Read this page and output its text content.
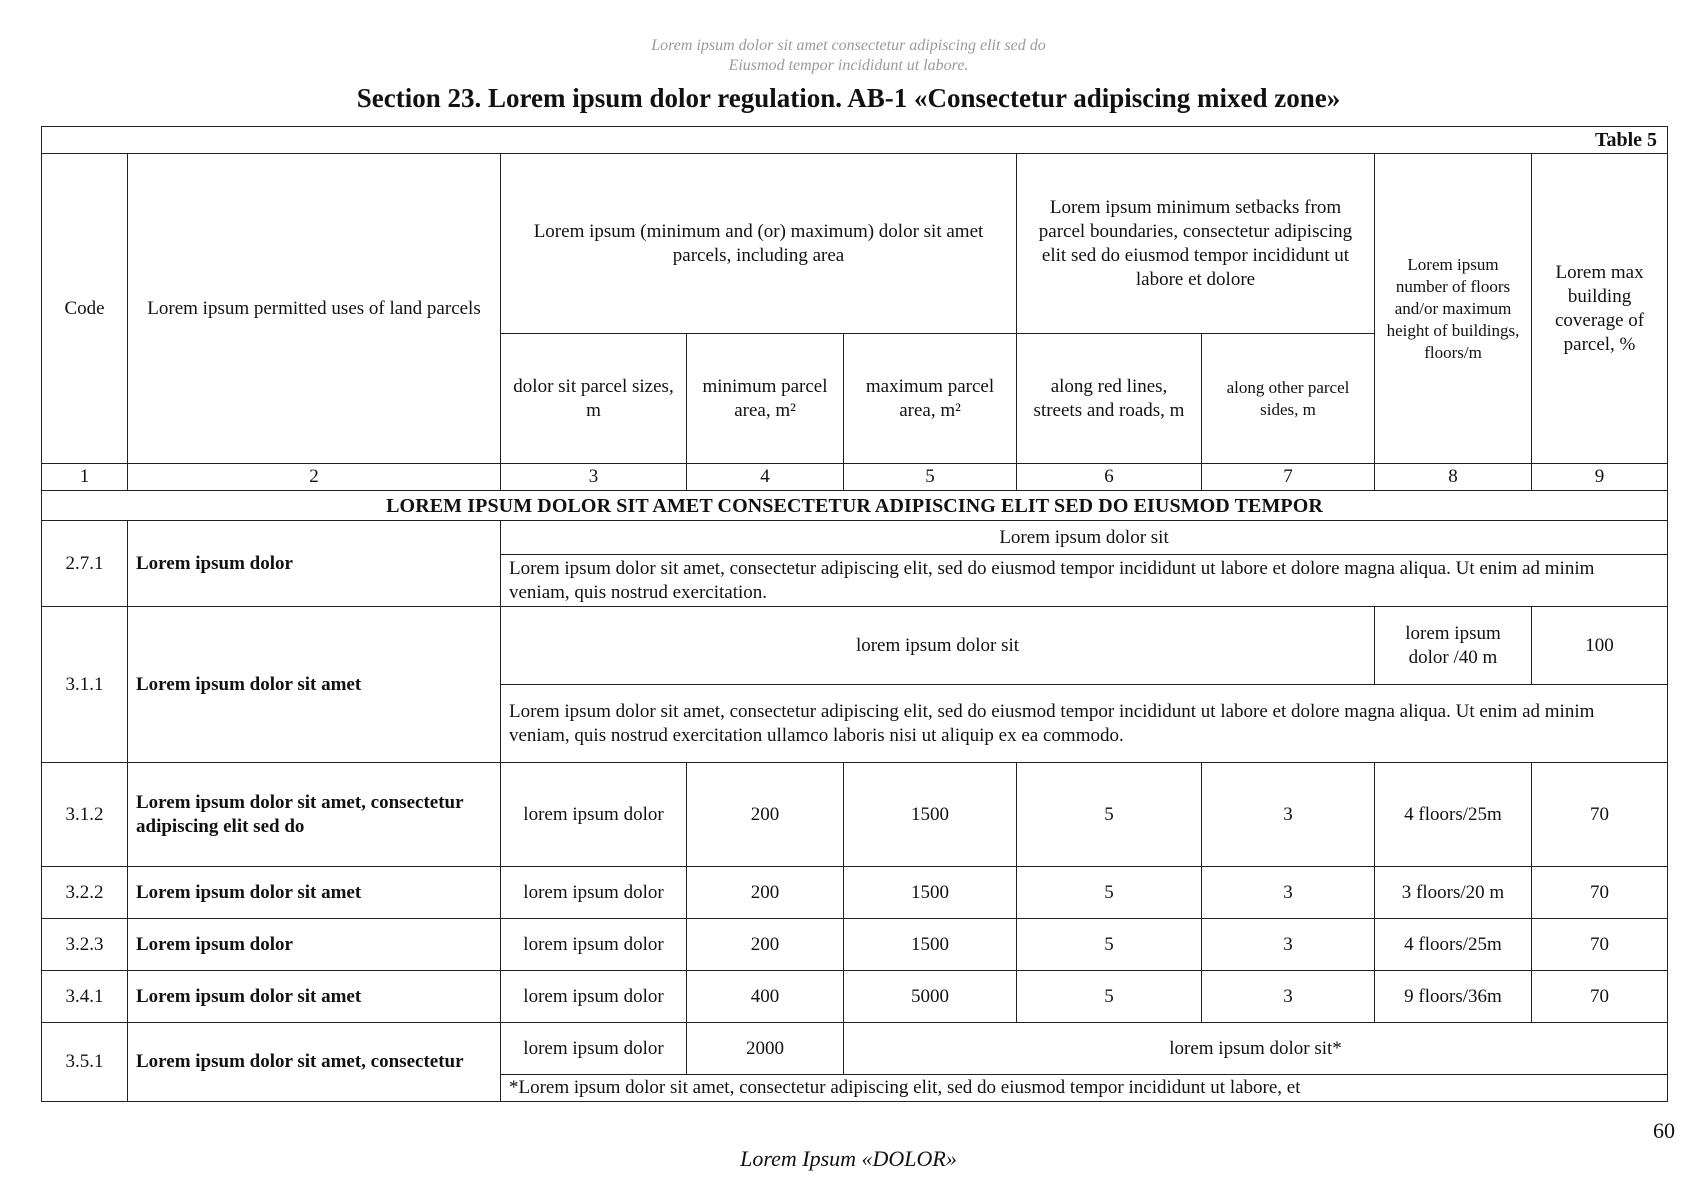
Lorem ipsum dolor sit amet consectetur adipiscing elit sed do
Eiusmod tempor incididunt ut labore.
Section 23. Lorem ipsum dolor regulation. AB-1 «Consectetur adipiscing mixed zone»
Table 5								
Code	Lorem ipsum permitted uses of land parcels	Lorem ipsum (minimum and (or) maximum) dolor sit amet parcels, including area			Lorem ipsum minimum setbacks from parcel boundaries, consectetur adipiscing elit sed do eiusmod tempor incididunt ut labore et dolore		Lorem ipsum number of floors and/or maximum height of buildings, floors/m	Lorem max building coverage of parcel, %
		dolor sit parcel sizes, m	minimum parcel area, m²	maximum parcel area, m²	along red lines, streets and roads, m	along other parcel sides, m		
1	2	3	4	5	6	7	8	9
LOREM IPSUM DOLOR SIT AMET CONSECTETUR ADIPISCING ELIT SED DO EIUSMOD TEMPOR								
2.7.1	Lorem ipsum dolor	Lorem ipsum dolor sit						
		Lorem ipsum dolor sit amet, consectetur adipiscing elit, sed do eiusmod tempor incididunt ut labore et dolore magna aliqua. Ut enim ad minim veniam, quis nostrud exercitation.						
3.1.1	Lorem ipsum dolor sit amet	lorem ipsum dolor sit					lorem ipsum dolor /40 m	100
		Lorem ipsum dolor sit amet, consectetur adipiscing elit, sed do eiusmod tempor incididunt ut labore et dolore magna aliqua. Ut enim ad minim veniam, quis nostrud exercitation ullamco laboris nisi ut aliquip ex ea commodo.						
3.1.2	Lorem ipsum dolor sit amet, consectetur adipiscing elit sed do	lorem ipsum dolor	200	1500	5	3	4 floors/25m	70
3.2.2	Lorem ipsum dolor sit amet	lorem ipsum dolor	200	1500	5	3	3 floors/20 m	70
3.2.3	Lorem ipsum dolor	lorem ipsum dolor	200	1500	5	3	4 floors/25m	70
3.4.1	Lorem ipsum dolor sit amet	lorem ipsum dolor	400	5000	5	3	9 floors/36m	70
3.5.1	Lorem ipsum dolor sit amet, consectetur	lorem ipsum dolor	2000	lorem ipsum dolor sit*				
		*Lorem ipsum dolor sit amet, consectetur adipiscing elit, sed do eiusmod tempor incididunt ut labore, et						
60
Lorem Ipsum «DOLOR»
